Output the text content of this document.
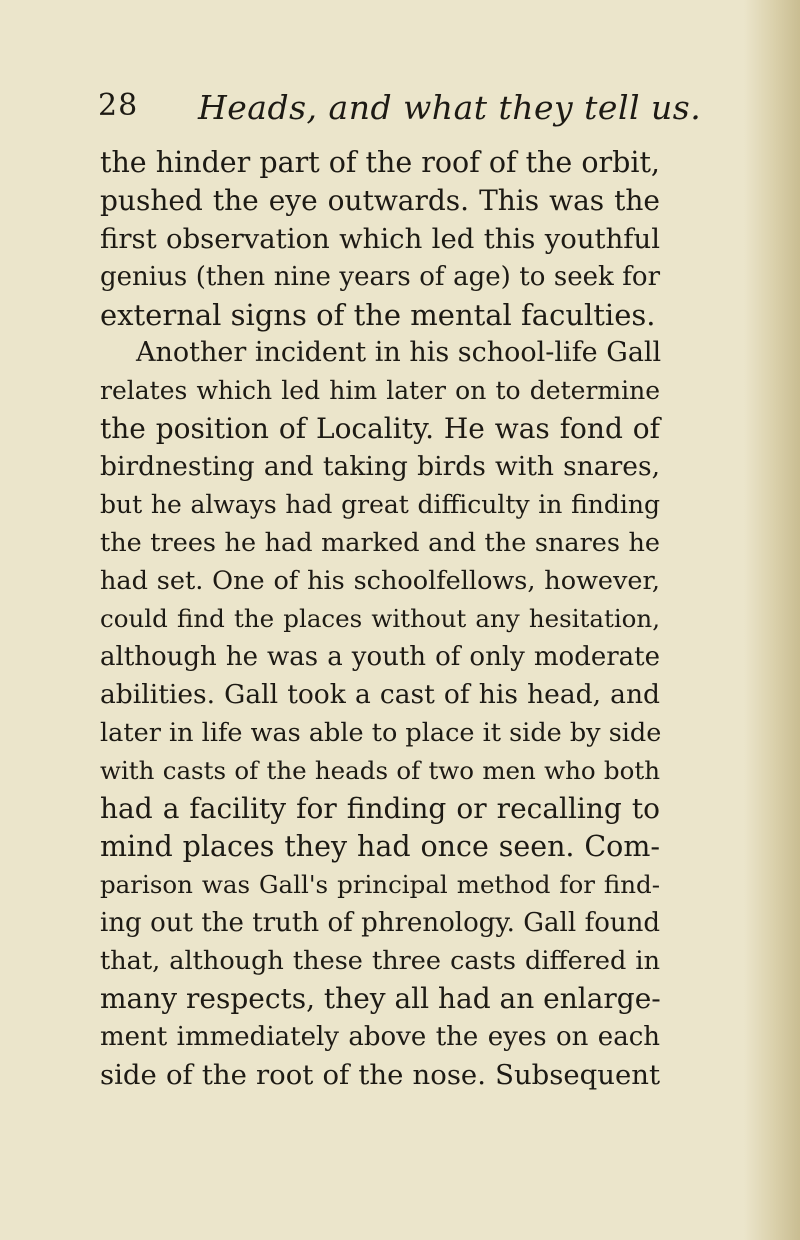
28 Heads, and what they tell us.
the hinder part of the roof of the orbit,
pushed the eye outwards. This was the
first observation which led this youthful
genius (then nine years of age) to seek for
external signs of the mental faculties.
Another incident in his school-life Gall
relates which led him later on to determine
the position of Locality. He was fond of
birdnesting and taking birds with snares,
but he always had great difficulty in finding
the trees he had marked and the snares he
had set. One of his schoolfellows, however,
could find the places without any hesitation,
although he was a youth of only moderate
abilities. Gall took a cast of his head, and
later in life was able to place it side by side
with casts of the heads of two men who both
had a facility for finding or recalling to
mind places they had once seen. Com-
parison was Gall's principal method for find-
ing out the truth of phrenology. Gall found
that, although these three casts differed in
many respects, they all had an enlarge-
ment immediately above the eyes on each
side of the root of the nose. Subsequent
